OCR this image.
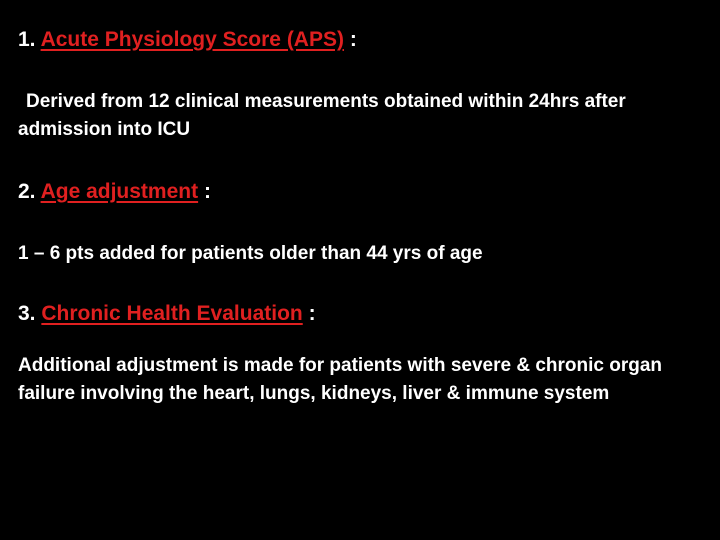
1. Acute Physiology Score (APS) :
Derived from 12 clinical measurements obtained within 24hrs after admission into ICU
2. Age adjustment :
1 – 6 pts added for patients older than 44 yrs of age
3. Chronic Health Evaluation :
Additional adjustment is made for patients with severe & chronic organ failure involving the heart, lungs, kidneys, liver & immune system
